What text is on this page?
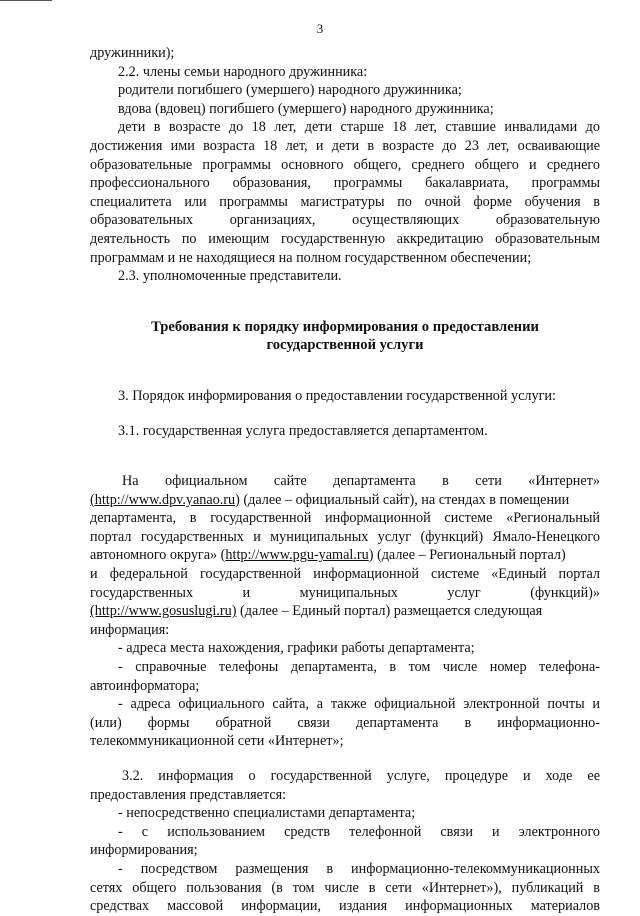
3

дружинники);

2.2. члены семьи народного дружинника:

родители погибшего (умершего) народного дружинника;

вдова (вдовец) погибшего (умершего) народного дружинника;

дети в возрасте до 18 лет, дети старше 18 лет, ставшие инвалидами до

достижения ими возраста 18 лет, и дети в возрасте до 23 лет, осваивающие

образовательные программы основного общего, среднего общего и среднего

профессионального образования, программы бакалавриата, программы

специалитета или программы магистратуры по очной форме обучения в

образовательных организациях, осуществляющих образовательную

деятельность по имеющим государственную аккредитацию образовательным

программам и не находящиеся на полном государственном обеспечении;

2.3. уполномоченные представители.

Требования к порядку информирования о предоставлении

государственной услуги

3. Порядок информирования о предоставлении государственной услуги:

3.1. государственная услуга предоставляется департаментом.

На официальном сайте департамента в сети «Интернет»

(http://www.dpv.yanao.ru) (далее – официальный сайт), на стендах в помещении

департамента, в государственной информационной системе «Региональный

портал государственных и муниципальных услуг (функций) Ямало-Ненецкого

автономного округа» (http://www.pgu-yamal.ru) (далее – Региональный портал)

и федеральной государственной информационной системе «Единый портал

государственных и муниципальных услуг (функций)»

(http://www.gosuslugi.ru) (далее – Единый портал) размещается следующая

информация:

- адреса места нахождения, графики работы департамента;

- справочные телефоны департамента, в том числе номер телефона-

автоинформатора;

- адреса официального сайта, а также официальной электронной почты и

(или) формы обратной связи департамента в информационно-

телекоммуникационной сети «Интернет»;

3.2. информация о государственной услуге, процедуре и ходе ее

предоставления представляется:

- непосредственно специалистами департамента;

- с использованием средств телефонной связи и электронного

информирования;

- посредством размещения в информационно-телекоммуникационных

сетях общего пользования (в том числе в сети «Интернет»), публикаций в

средствах массовой информации, издания информационных материалов
